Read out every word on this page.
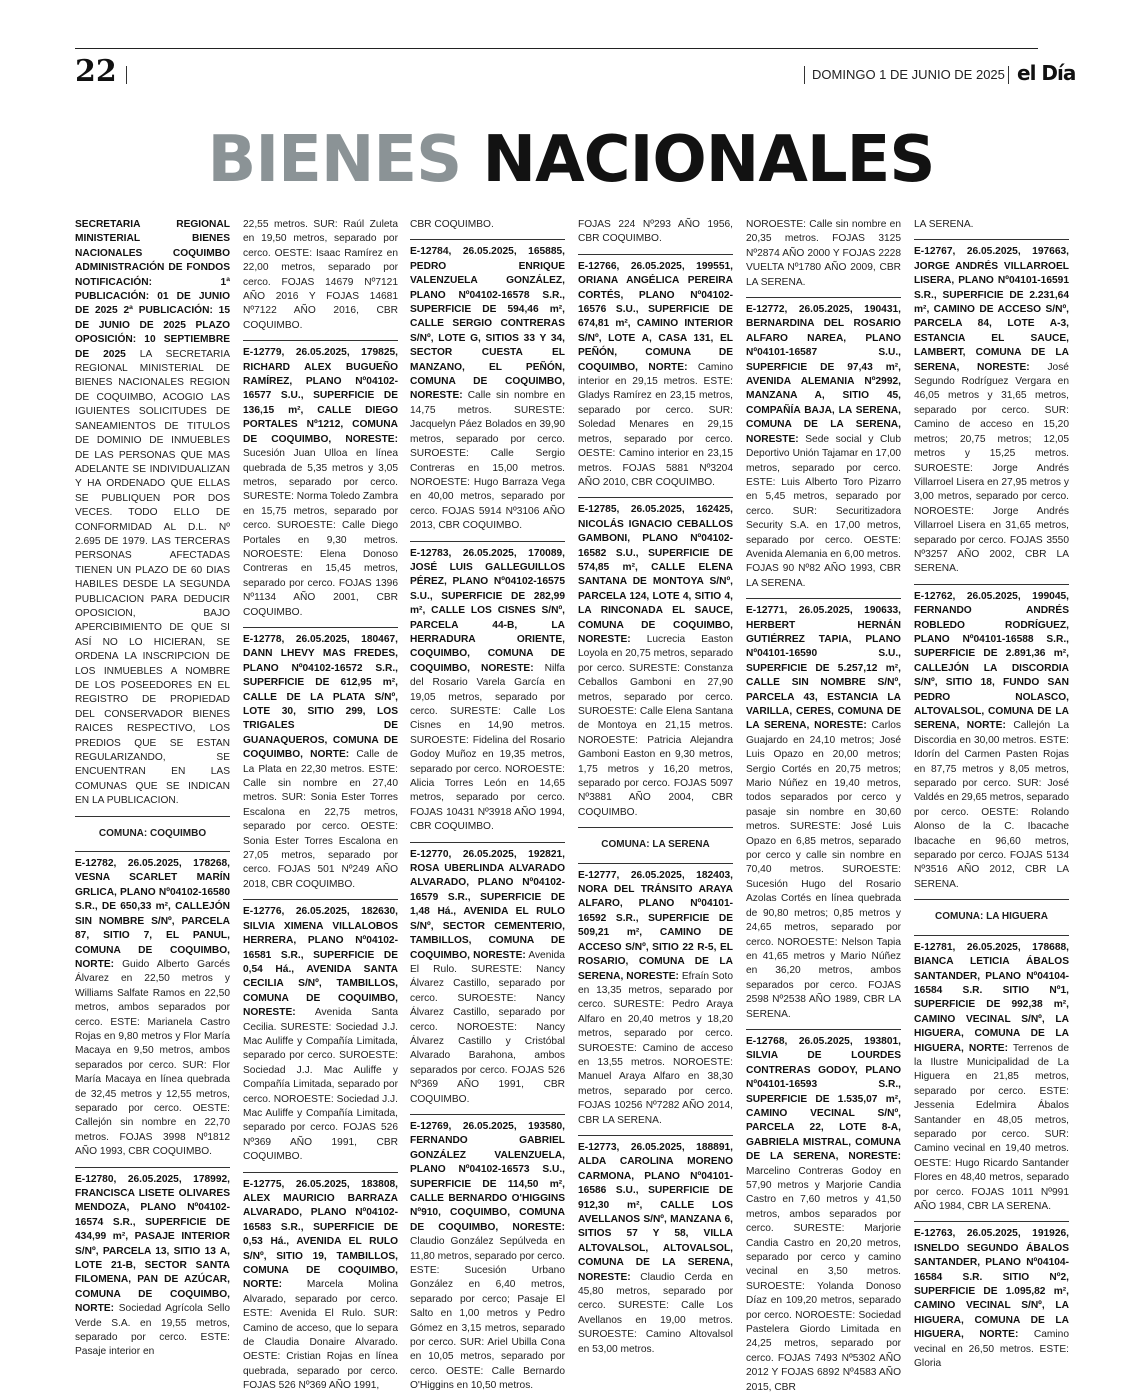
22	DOMINGO 1 DE JUNIO DE 2025 el Día
BIENES NACIONALES

SECRETARIA REGIONAL MINISTERIAL BIENES NACIONALES COQUIMBO ADMINISTRACIÓN DE FONDOS NOTIFICACIÓN: 1ª PUBLICACIÓN: 01 DE JUNIO DE 2025 2ª PUBLICACIÓN: 15 DE JUNIO DE 2025 PLAZO OPOSICIÓN: 10 SEPTIEMBRE DE 2025 LA SECRETARIA REGIONAL MINISTERIAL DE BIENES NACIONALES REGION DE COQUIMBO, ACOGIO LAS IGUIENTES SOLICITUDES DE SANEAMIENTOS DE TITULOS DE DOMINIO DE INMUEBLES DE LAS PERSONAS QUE MAS ADELANTE SE INDIVIDUALIZAN Y HA ORDENADO QUE ELLAS SE PUBLIQUEN POR DOS VECES. TODO ELLO DE CONFORMIDAD AL D.L. Nº 2.695 DE 1979. LAS TERCERAS PERSONAS AFECTADAS TIENEN UN PLAZO DE 60 DIAS HABILES DESDE LA SEGUNDA PUBLICACION PARA DEDUCIR OPOSICION, BAJO APERCIBIMIENTO DE QUE SI ASÍ NO LO HICIERAN, SE ORDENA LA INSCRIPCION DE LOS INMUEBLES A NOMBRE DE LOS POSEEDORES EN EL REGISTRO DE PROPIEDAD DEL CONSERVADOR BIENES RAICES RESPECTIVO, LOS PREDIOS QUE SE ESTAN REGULARIZANDO, SE ENCUENTRAN EN LAS COMUNAS QUE SE INDICAN EN LA PUBLICACION.

COMUNA: COQUIMBO

E-12782, 26.05.2025, 178268, VESNA SCARLET MARÍN GRLICA, PLANO Nº04102-16580 S.R., DE 650,33 m², CALLEJÓN SIN NOMBRE S/Nº, PARCELA 87, SITIO 7, EL PANUL, COMUNA DE COQUIMBO, NORTE: Guido Alberto Garcés Álvarez en 22,50 metros y Williams Salfate Ramos en 22,50 metros, ambos separados por cerco. ESTE: Marianela Castro Rojas en 9,80 metros y Flor María Macaya en 9,50 metros, ambos separados por cerco. SUR: Flor María Macaya en línea quebrada de 32,45 metros y 12,55 metros, separado por cerco. OESTE: Callejón sin nombre en 22,70 metros. FOJAS 3998 Nº1812 AÑO 1993, CBR COQUIMBO.

E-12780, 26.05.2025, 178992, FRANCISCA LISETE OLIVARES MENDOZA, PLANO Nº04102-16574 S.R., SUPERFICIE DE 434,99 m², PASAJE INTERIOR S/Nº, PARCELA 13, SITIO 13 A, LOTE 21-B, SECTOR SANTA FILOMENA, PAN DE AZÚCAR, COMUNA DE COQUIMBO, NORTE: Sociedad Agrícola Sello Verde S.A. en 19,55 metros, separado por cerco. ESTE: Pasaje interior en

22,55 metros. SUR: Raúl Zuleta en 19,50 metros, separado por cerco. OESTE: Isaac Ramírez en 22,00 metros, separado por cerco. FOJAS 14679 Nº7121 AÑO 2016 Y FOJAS 14681 Nº7122 AÑO 2016, CBR COQUIMBO.

E-12779, 26.05.2025, 179825, RICHARD ALEX BUGUEÑO RAMÍREZ, PLANO Nº04102-16577 S.U., SUPERFICIE DE 136,15 m², CALLE DIEGO PORTALES Nº1212, COMUNA DE COQUIMBO, NORESTE: Sucesión Juan Ulloa en línea quebrada de 5,35 metros y 3,05 metros, separado por cerco. SURESTE: Norma Toledo Zambra en 15,75 metros, separado por cerco. SUROESTE: Calle Diego Portales en 9,30 metros. NOROESTE: Elena Donoso Contreras en 15,45 metros, separado por cerco. FOJAS 1396 Nº1134 AÑO 2001, CBR COQUIMBO.

E-12778, 26.05.2025, 180467, DANN LHEVY MAS FREDES, PLANO Nº04102-16572 S.R., SUPERFICIE DE 612,95 m², CALLE DE LA PLATA S/Nº, LOTE 30, SITIO 299, LOS TRIGALES DE GUANAQUEROS, COMUNA DE COQUIMBO, NORTE: Calle de La Plata en 22,30 metros. ESTE: Calle sin nombre en 27,40 metros. SUR: Sonia Ester Torres Escalona en 22,75 metros, separado por cerco. OESTE: Sonia Ester Torres Escalona en 27,05 metros, separado por cerco. FOJAS 501 Nº249 AÑO 2018, CBR COQUIMBO.

E-12776, 26.05.2025, 182630, SILVIA XIMENA VILLALOBOS HERRERA, PLANO Nº04102-16581 S.R., SUPERFICIE DE 0,54 Há., AVENIDA SANTA CECILIA S/Nº, TAMBILLOS, COMUNA DE COQUIMBO, NORESTE: Avenida Santa Cecilia. SURESTE: Sociedad J.J. Mac Auliffe y Compañía Limitada, separado por cerco. SUROESTE: Sociedad J.J. Mac Auliffe y Compañía Limitada, separado por cerco. NOROESTE: Sociedad J.J. Mac Auliffe y Compañía Limitada, separado por cerco. FOJAS 526 Nº369 AÑO 1991, CBR COQUIMBO.

E-12775, 26.05.2025, 183808, ALEX MAURICIO BARRAZA ALVARADO, PLANO Nº04102-16583 S.R., SUPERFICIE DE 0,53 Há., AVENIDA EL RULO S/Nº, SITIO 19, TAMBILLOS, COMUNA DE COQUIMBO, NORTE: Marcela Molina Alvarado, separado por cerco. ESTE: Avenida El Rulo. SUR: Camino de acceso, que lo separa de Claudia Donaire Alvarado. OESTE: Cristian Rojas en línea quebrada, separado por cerco. FOJAS 526 Nº369 AÑO 1991,

CBR COQUIMBO.

E-12784, 26.05.2025, 165885, PEDRO ENRIQUE VALENZUELA GONZÁLEZ, PLANO Nº04102-16578 S.R., SUPERFICIE DE 594,46 m², CALLE SERGIO CONTRERAS S/Nº, LOTE G, SITIOS 33 Y 34, SECTOR CUESTA EL MANZANO, EL PEÑÓN, COMUNA DE COQUIMBO, NORESTE: Calle sin nombre en 14,75 metros. SURESTE: Jacquelyn Páez Bolados en 39,90 metros, separado por cerco. SUROESTE: Calle Sergio Contreras en 15,00 metros. NOROESTE: Hugo Barraza Vega en 40,00 metros, separado por cerco. FOJAS 5914 Nº3106 AÑO 2013, CBR COQUIMBO.

E-12783, 26.05.2025, 170089, JOSÉ LUIS GALLEGUILLOS PÉREZ, PLANO Nº04102-16575 S.U., SUPERFICIE DE 282,99 m², CALLE LOS CISNES S/Nº, PARCELA 44-B, LA HERRADURA ORIENTE, COQUIMBO, COMUNA DE COQUIMBO, NORESTE: Nilfa del Rosario Varela García en 19,05 metros, separado por cerco. SURESTE: Calle Los Cisnes en 14,90 metros. SUROESTE: Fidelina del Rosario Godoy Muñoz en 19,35 metros, separado por cerco. NOROESTE: Alicia Torres León en 14,65 metros, separado por cerco. FOJAS 10431 Nº3918 AÑO 1994, CBR COQUIMBO.

E-12770, 26.05.2025, 192821, ROSA UBERLINDA ALVARADO ALVARADO, PLANO Nº04102-16579 S.R., SUPERFICIE DE 1,48 Há., AVENIDA EL RULO S/Nº, SECTOR CEMENTERIO, TAMBILLOS, COMUNA DE COQUIMBO, NORESTE: Avenida El Rulo. SURESTE: Nancy Álvarez Castillo, separado por cerco. SUROESTE: Nancy Álvarez Castillo, separado por cerco. NOROESTE: Nancy Álvarez Castillo y Cristóbal Alvarado Barahona, ambos separados por cerco. FOJAS 526 Nº369 AÑO 1991, CBR COQUIMBO.

E-12769, 26.05.2025, 193580, FERNANDO GABRIEL GONZÁLEZ VALENZUELA, PLANO Nº04102-16573 S.U., SUPERFICIE DE 114,50 m², CALLE BERNARDO O'HIGGINS Nº910, COQUIMBO, COMUNA DE COQUIMBO, NORESTE: Claudio González Sepúlveda en 11,80 metros, separado por cerco. ESTE: Sucesión Urbano González en 6,40 metros, separado por cerco; Pasaje El Salto en 1,00 metros y Pedro Gómez en 3,15 metros, separado por cerco. SUR: Ariel Ubilla Cona en 10,05 metros, separado por cerco. OESTE: Calle Bernardo O'Higgins en 10,50 metros.

FOJAS 224 Nº293 AÑO 1956, CBR COQUIMBO.

E-12766, 26.05.2025, 199551, ORIANA ANGÉLICA PEREIRA CORTÉS, PLANO Nº04102-16576 S.U., SUPERFICIE DE 674,81 m², CAMINO INTERIOR S/Nº, LOTE A, CASA 131, EL PEÑÓN, COMUNA DE COQUIMBO, NORTE: Camino interior en 29,15 metros. ESTE: Gladys Ramírez en 23,15 metros, separado por cerco. SUR: Soledad Menares en 29,15 metros, separado por cerco. OESTE: Camino interior en 23,15 metros. FOJAS 5881 Nº3204 AÑO 2010, CBR COQUIMBO.

E-12785, 26.05.2025, 162425, NICOLÁS IGNACIO CEBALLOS GAMBONI, PLANO Nº04102-16582 S.U., SUPERFICIE DE 574,85 m², CALLE ELENA SANTANA DE MONTOYA S/Nº, PARCELA 124, LOTE 4, SITIO 4, LA RINCONADA EL SAUCE, COMUNA DE COQUIMBO, NORESTE: Lucrecia Easton Loyola en 20,75 metros, separado por cerco. SURESTE: Constanza Ceballos Gamboni en 27,90 metros, separado por cerco. SUROESTE: Calle Elena Santana de Montoya en 21,15 metros. NOROESTE: Patricia Alejandra Gamboni Easton en 9,30 metros, 1,75 metros y 16,20 metros, separado por cerco. FOJAS 5097 Nº3881 AÑO 2004, CBR COQUIMBO.

COMUNA: LA SERENA

E-12777, 26.05.2025, 182403, NORA DEL TRÁNSITO ARAYA ALFARO, PLANO Nº04101-16592 S.R., SUPERFICIE DE 509,21 m², CAMINO DE ACCESO S/Nº, SITIO 22 R-5, EL ROSARIO, COMUNA DE LA SERENA, NORESTE: Efraín Soto en 13,35 metros, separado por cerco. SURESTE: Pedro Araya Alfaro en 20,40 metros y 18,20 metros, separado por cerco. SUROESTE: Camino de acceso en 13,55 metros. NOROESTE: Manuel Araya Alfaro en 38,30 metros, separado por cerco. FOJAS 10256 Nº7282 AÑO 2014, CBR LA SERENA.

E-12773, 26.05.2025, 188891, ALDA CAROLINA MORENO CARMONA, PLANO Nº04101-16586 S.U., SUPERFICIE DE 912,30 m², CALLE LOS AVELLANOS S/Nº, MANZANA 6, SITIOS 57 Y 58, VILLA ALTOVALSOL, ALTOVALSOL, COMUNA DE LA SERENA, NORESTE: Claudio Cerda en 45,80 metros, separado por cerco. SURESTE: Calle Los Avellanos en 19,00 metros. SUROESTE: Camino Altovalsol en 53,00 metros.

NOROESTE: Calle sin nombre en 20,35 metros. FOJAS 3125 Nº2874 AÑO 2000 Y FOJAS 2228 VUELTA Nº1780 AÑO 2009, CBR LA SERENA.

E-12772, 26.05.2025, 190431, BERNARDINA DEL ROSARIO ALFARO NAREA, PLANO Nº04101-16587 S.U., SUPERFICIE DE 97,43 m², AVENIDA ALEMANIA Nº2992, MANZANA A, SITIO 45, COMPAÑÍA BAJA, LA SERENA, COMUNA DE LA SERENA, NORESTE: Sede social y Club Deportivo Unión Tajamar en 17,00 metros, separado por cerco. ESTE: Luis Alberto Toro Pizarro en 5,45 metros, separado por cerco. SUR: Securitizadora Security S.A. en 17,00 metros, separado por cerco. OESTE: Avenida Alemania en 6,00 metros. FOJAS 90 Nº82 AÑO 1993, CBR LA SERENA.

E-12771, 26.05.2025, 190633, HERBERT HERNÁN GUTIÉRREZ TAPIA, PLANO Nº04101-16590 S.U., SUPERFICIE DE 5.257,12 m², CALLE SIN NOMBRE S/Nº, PARCELA 43, ESTANCIA LA VARILLA, CERES, COMUNA DE LA SERENA, NORESTE: Carlos Guajardo en 24,10 metros; José Luis Opazo en 20,00 metros; Sergio Cortés en 20,75 metros; Mario Núñez en 19,40 metros, todos separados por cerco y pasaje sin nombre en 30,60 metros. SURESTE: José Luis Opazo en 6,85 metros, separado por cerco y calle sin nombre en 70,40 metros. SUROESTE: Sucesión Hugo del Rosario Azolas Cortés en línea quebrada de 90,80 metros; 0,85 metros y 24,65 metros, separado por cerco. NOROESTE: Nelson Tapia en 41,65 metros y Mario Núñez en 36,20 metros, ambos separados por cerco. FOJAS 2598 Nº2538 AÑO 1989, CBR LA SERENA.

E-12768, 26.05.2025, 193801, SILVIA DE LOURDES CONTRERAS GODOY, PLANO Nº04101-16593 S.R., SUPERFICIE DE 1.535,07 m², CAMINO VECINAL S/Nº, PARCELA 22, LOTE 8-A, GABRIELA MISTRAL, COMUNA DE LA SERENA, NORESTE: Marcelino Contreras Godoy en 57,90 metros y Marjorie Candia Castro en 7,60 metros y 41,50 metros, ambos separados por cerco. SURESTE: Marjorie Candia Castro en 20,20 metros, separado por cerco y camino vecinal en 3,50 metros. SUROESTE: Yolanda Donoso Díaz en 109,20 metros, separado por cerco. NOROESTE: Sociedad Pastelera Giordo Limitada en 24,25 metros, separado por cerco. FOJAS 7493 Nº5302 AÑO 2012 Y FOJAS 6892 Nº4583 AÑO 2015, CBR

LA SERENA.

E-12767, 26.05.2025, 197663, JORGE ANDRÉS VILLARROEL LISERA, PLANO Nº04101-16591 S.R., SUPERFICIE DE 2.231,64 m², CAMINO DE ACCESO S/Nº, PARCELA 84, LOTE A-3, ESTANCIA EL SAUCE, LAMBERT, COMUNA DE LA SERENA, NORESTE: José Segundo Rodríguez Vergara en 46,05 metros y 31,65 metros, separado por cerco. SUR: Camino de acceso en 15,20 metros; 20,75 metros; 12,05 metros y 15,25 metros. SUROESTE: Jorge Andrés Villarroel Lisera en 27,95 metros y 3,00 metros, separado por cerco. NOROESTE: Jorge Andrés Villarroel Lisera en 31,65 metros, separado por cerco. FOJAS 3550 Nº3257 AÑO 2002, CBR LA SERENA.

E-12762, 26.05.2025, 199045, FERNANDO ANDRÉS ROBLEDO RODRÍGUEZ, PLANO Nº04101-16588 S.R., SUPERFICIE DE 2.891,36 m², CALLEJÓN LA DISCORDIA S/Nº, SITIO 18, FUNDO SAN PEDRO NOLASCO, ALTOVALSOL, COMUNA DE LA SERENA, NORTE: Callejón La Discordia en 30,00 metros. ESTE: Idorín del Carmen Pasten Rojas en 87,75 metros y 8,05 metros, separado por cerco. SUR: José Valdés en 29,65 metros, separado por cerco. OESTE: Rolando Alonso de la C. Ibacache Ibacache en 96,60 metros, separado por cerco. FOJAS 5134 Nº3516 AÑO 2012, CBR LA SERENA.

COMUNA: LA HIGUERA

E-12781, 26.05.2025, 178688, BIANCA LETICIA ÁBALOS SANTANDER, PLANO Nº04104-16584 S.R. SITIO Nº1, SUPERFICIE DE 992,38 m², CAMINO VECINAL S/Nº, LA HIGUERA, COMUNA DE LA HIGUERA, NORTE: Terrenos de la Ilustre Municipalidad de La Higuera en 21,85 metros, separado por cerco. ESTE: Jessenia Edelmira Ábalos Santander en 48,05 metros, separado por cerco. SUR: Camino vecinal en 19,40 metros. OESTE: Hugo Ricardo Santander Flores en 48,40 metros, separado por cerco. FOJAS 1011 Nº991 AÑO 1984, CBR LA SERENA.

E-12763, 26.05.2025, 191926, ISNELDO SEGUNDO ÁBALOS SANTANDER, PLANO Nº04104-16584 S.R. SITIO Nº2, SUPERFICIE DE 1.095,82 m², CAMINO VECINAL S/Nº, LA HIGUERA, COMUNA DE LA HIGUERA, NORTE: Camino vecinal en 26,50 metros. ESTE: Gloria
